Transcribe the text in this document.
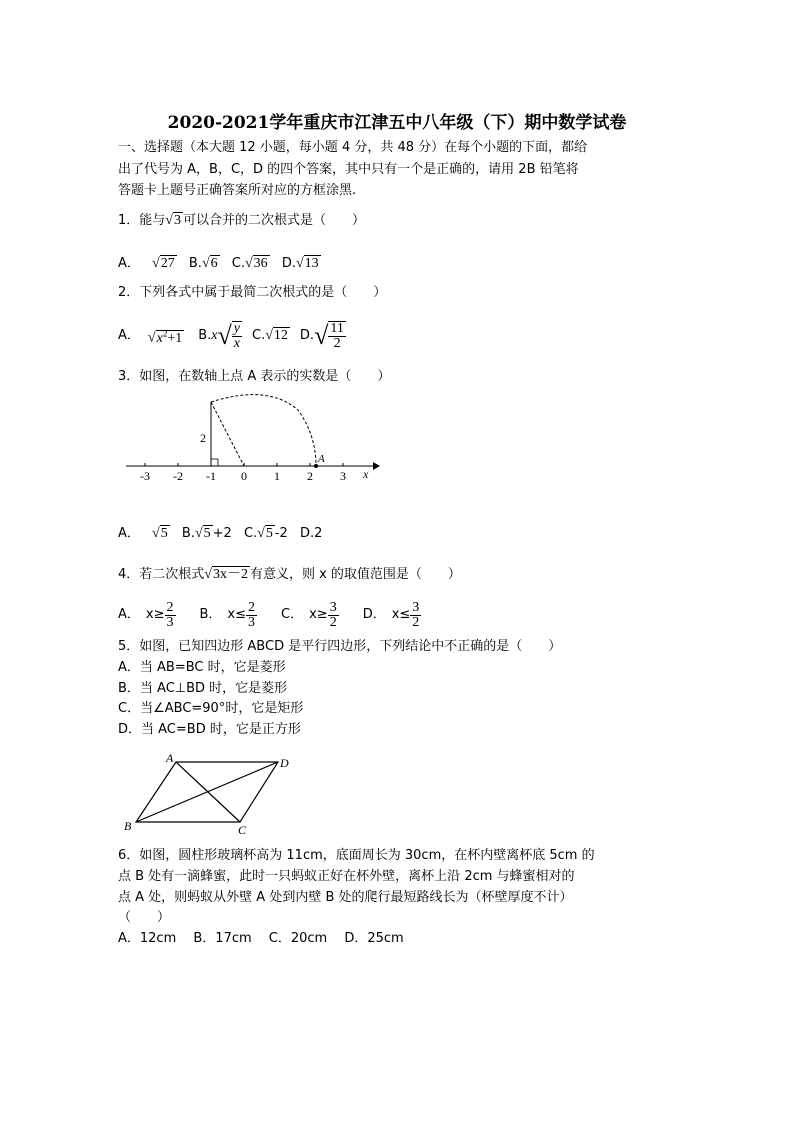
2020-2021学年重庆市江津五中八年级（下）期中数学试卷
一、选择题（本大题 12 小题，每小题 4 分，共 48 分）在每个小题的下面，都给
出了代号为 A，B，C，D 的四个答案，其中只有一个是正确的，请用 2B 铅笔将
答题卡上题号正确答案所对应的方框涂黑.
1．能与√3 可以合并的二次根式是（　　）
A． √27 B.√6 C.√36 D.√13
2．下列各式中属于最简二次根式的是（　　）
A． $√x^2+1$ B. x √ $\frac{y}{x} C$. √12 D. √ $\frac{11}{2}$
3．如图，在数轴上点 A 表示的实数是（　　）
-3 -2 -1 0 1 2 3
A
2
x
A． √5 B.√5 +2 C.√5 -2 D.2
4．若二次根式√3x－2 有意义，则 x 的取值范围是（　　）
A． $x\ge \frac{2}{3}$ B． $x\le \frac{2}{3}$ C． $x\ge \frac{3}{2}$ D． $x\le \frac{3}{2}$
5．如图，已知四边形 ABCD 是平行四边形，下列结论中不正确的是（　　）
A．当 AB=BC 时，它是菱形
B．当 AC⊥BD 时，它是菱形
C．当∠ABC=90°时，它是矩形
D．当 AC=BD 时，它是正方形
A	D
B	C
6．如图，圆柱形玻璃杯高为 11cm，底面周长为 30cm，在杯内壁离杯底 5cm 的
点 B 处有一滴蜂蜜，此时一只蚂蚁正好在杯外壁，离杯上沿 2cm 与蜂蜜相对的
点 A 处，则蚂蚁从外壁 A 处到内壁 B 处的爬行最短路线长为（杯壁厚度不计）
（　　）
A．12cm　 B．17cm　 C．20cm　 D．25cm
